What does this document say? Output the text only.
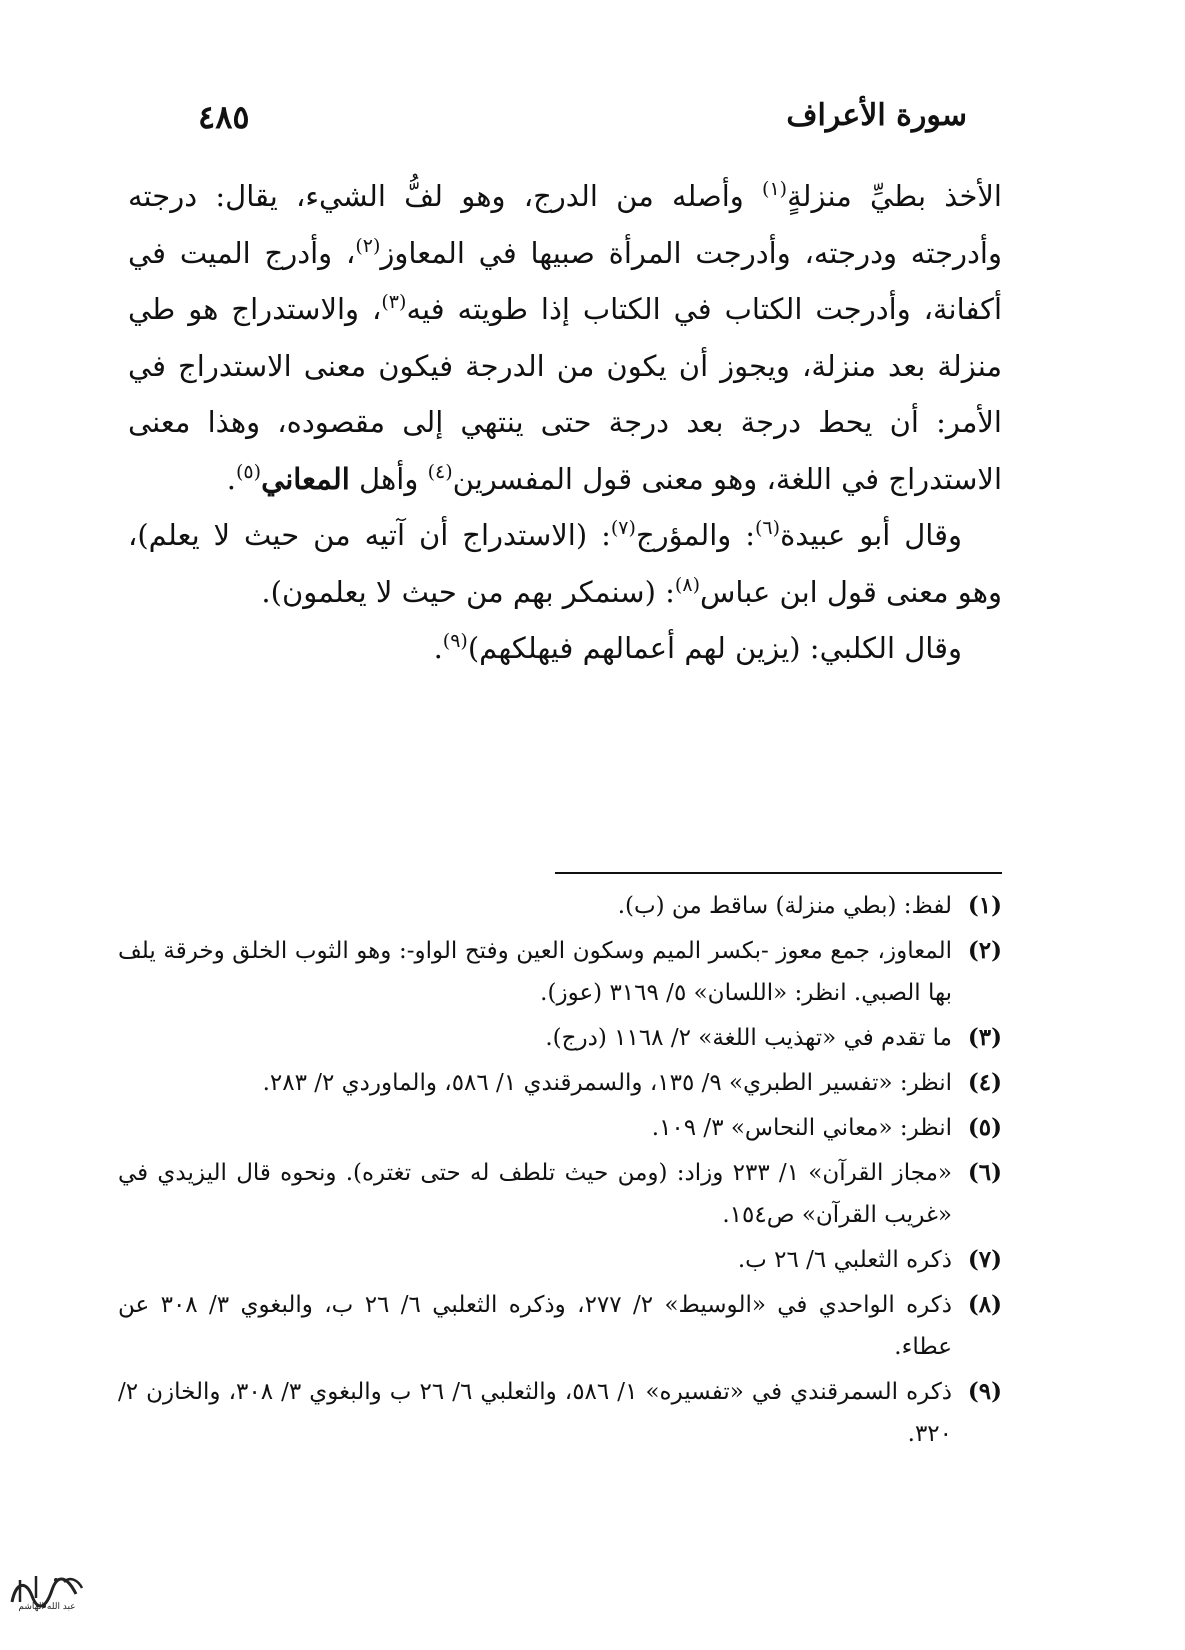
سورة الأعراف
٤٨٥

الأخذ بطيِّ منزلةٍ$^{(١)}$ وأصله من الدرج، وهو لفُّ الشيء، يقال: درجته وأدرجته ودرجته، وأدرجت المرأة صبيها في المعاوز$^{(٢)}$، وأدرج الميت في أكفانة، وأدرجت الكتاب في الكتاب إذا طويته فيه$^{(٣)}$، والاستدراج هو طي منزلة بعد منزلة، ويجوز أن يكون من الدرجة فيكون معنى الاستدراج في الأمر: أن يحط درجة بعد درجة حتى ينتهي إلى مقصوده، وهذا معنى الاستدراج في اللغة، وهو معنى قول المفسرين$^{(٤)}$ وأهل المعاني$^{(٥)}$.

وقال أبو عبيدة$^{(٦)}$: والمؤرج$^{(٧)}$: (الاستدراج أن آتيه من حيث لا يعلم)، وهو معنى قول ابن عباس$^{(٨)}$: (سنمكر بهم من حيث لا يعلمون).

وقال الكلبي: (يزين لهم أعمالهم فيهلكهم)$^{(٩)}$.

(١)
لفظ: (بطي منزلة) ساقط من (ب).
(٢)
المعاوز، جمع معوز -بكسر الميم وسكون العين وفتح الواو-: وهو الثوب الخلق وخرقة يلف بها الصبي. انظر: «اللسان» ٥/ ٣١٦٩ (عوز).
(٣)
ما تقدم في «تهذيب اللغة» ٢/ ١١٦٨ (درج).
(٤)
انظر: «تفسير الطبري» ٩/ ١٣٥، والسمرقندي ١/ ٥٨٦، والماوردي ٢/ ٢٨٣.
(٥)
انظر: «معاني النحاس» ٣/ ١٠٩.
(٦)
«مجاز القرآن» ١/ ٢٣٣ وزاد: (ومن حيث تلطف له حتى تغتره). ونحوه قال اليزيدي في «غريب القرآن» ص١٥٤.
(٧)
ذكره الثعلبي ٦/ ٢٦ ب.
(٨)
ذكره الواحدي في «الوسيط» ٢/ ٢٧٧، وذكره الثعلبي ٦/ ٢٦ ب، والبغوي ٣/ ٣٠٨ عن عطاء.
(٩)
ذكره السمرقندي في «تفسيره» ١/ ٥٨٦، والثعلبي ٦/ ٢٦ ب والبغوي ٣/ ٣٠٨، والخازن ٢/ ٣٢٠.
عبد الله الهاشم
